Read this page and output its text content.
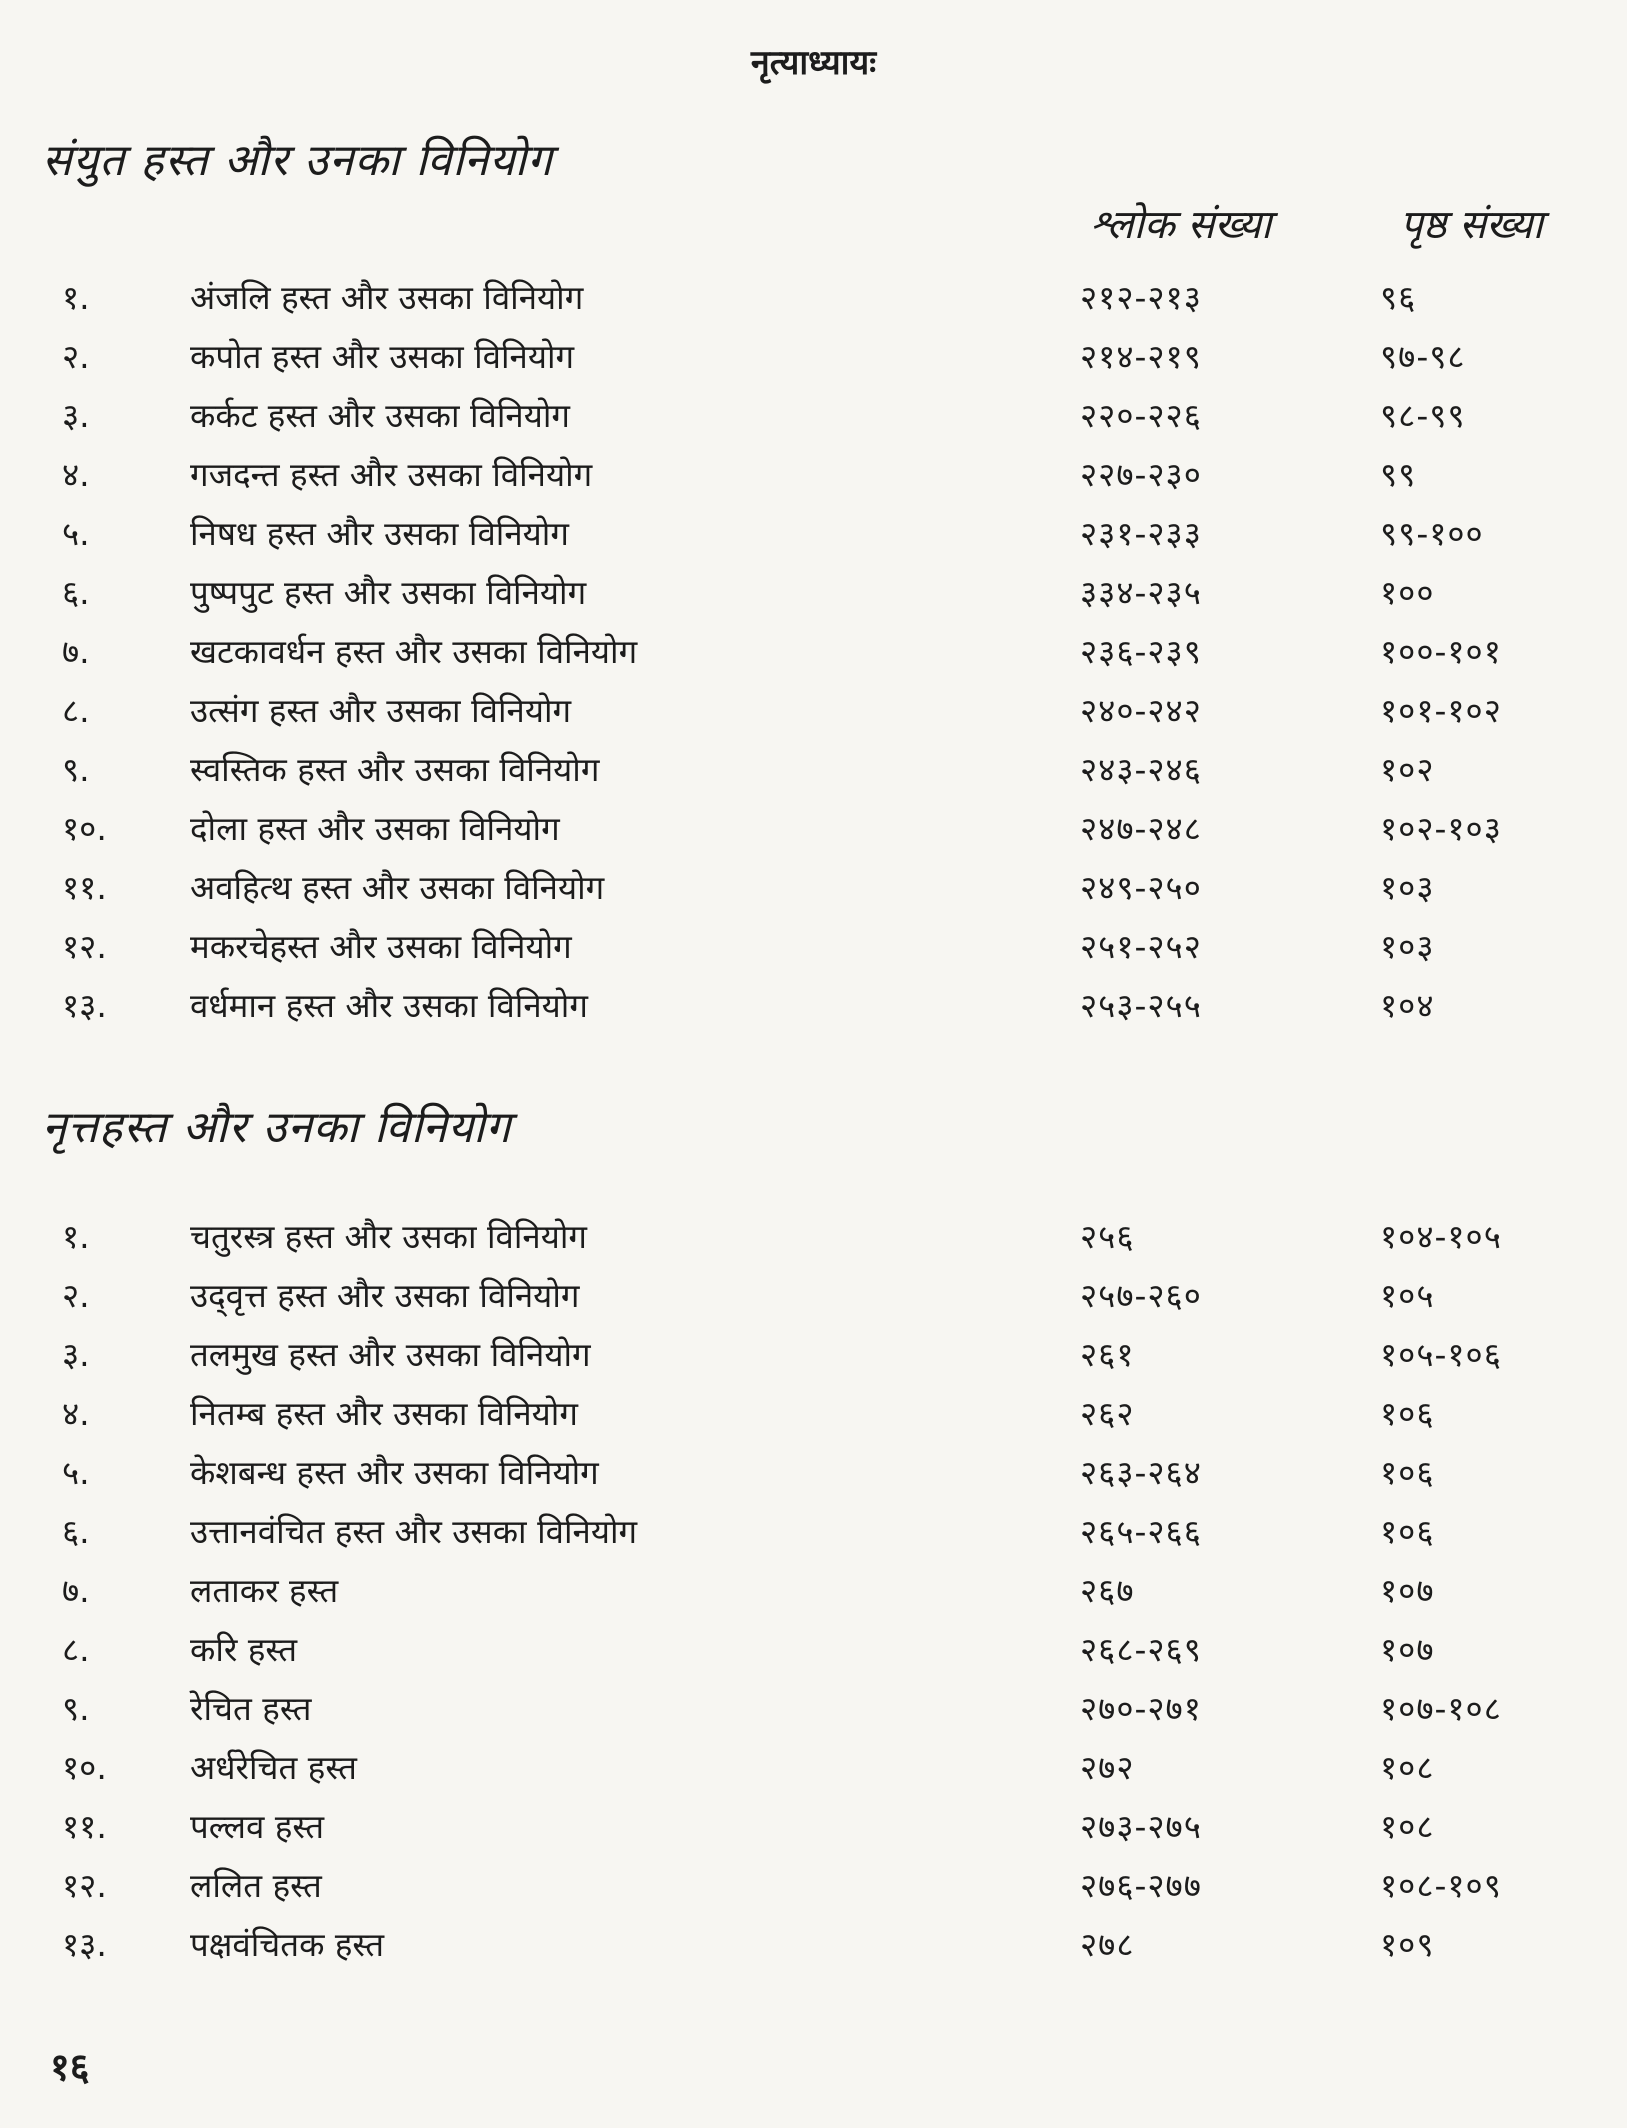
नृत्याध्यायः
संयुत हस्त और उनका विनियोग
श्लोक संख्या	पृष्ठ संख्या
१.	अंजलि हस्त और उसका विनियोग	२१२-२१३	९६
२.	कपोत हस्त और उसका विनियोग	२१४-२१९	९७-९८
३.	कर्कट हस्त और उसका विनियोग	२२०-२२६	९८-९९
४.	गजदन्त हस्त और उसका विनियोग	२२७-२३०	९९
५.	निषध हस्त और उसका विनियोग	२३१-२३३	९९-१००
६.	पुष्पपुट हस्त और उसका विनियोग	३३४-२३५	१००
७.	खटकावर्धन हस्त और उसका विनियोग	२३६-२३९	१००-१०१
८.	उत्संग हस्त और उसका विनियोग	२४०-२४२	१०१-१०२
९.	स्वस्तिक हस्त और उसका विनियोग	२४३-२४६	१०२
१०.	दोला हस्त और उसका विनियोग	२४७-२४८	१०२-१०३
११.	अवहित्थ हस्त और उसका विनियोग	२४९-२५०	१०३
१२.	मकरचेहस्त और उसका विनियोग	२५१-२५२	१०३
१३.	वर्धमान हस्त और उसका विनियोग	२५३-२५५	१०४
नृत्तहस्त और उनका विनियोग
१.	चतुरस्त्र हस्त और उसका विनियोग	२५६	१०४-१०५
२.	उद्‌वृत्त हस्त और उसका विनियोग	२५७-२६०	१०५
३.	तलमुख हस्त और उसका विनियोग	२६१	१०५-१०६
४.	नितम्ब हस्त और उसका विनियोग	२६२	१०६
५.	केशबन्ध हस्त और उसका विनियोग	२६३-२६४	१०६
६.	उत्तानवंचित हस्त और उसका विनियोग	२६५-२६६	१०६
७.	लताकर हस्त	२६७	१०७
८.	करि हस्त	२६८-२६९	१०७
९.	रेचित हस्त	२७०-२७१	१०७-१०८
१०.	अर्धरेचित हस्त	२७२	१०८
११.	पल्लव हस्त	२७३-२७५	१०८
१२.	ललित हस्त	२७६-२७७	१०८-१०९
१३.	पक्षवंचितक हस्त	२७८	१०९
१६
